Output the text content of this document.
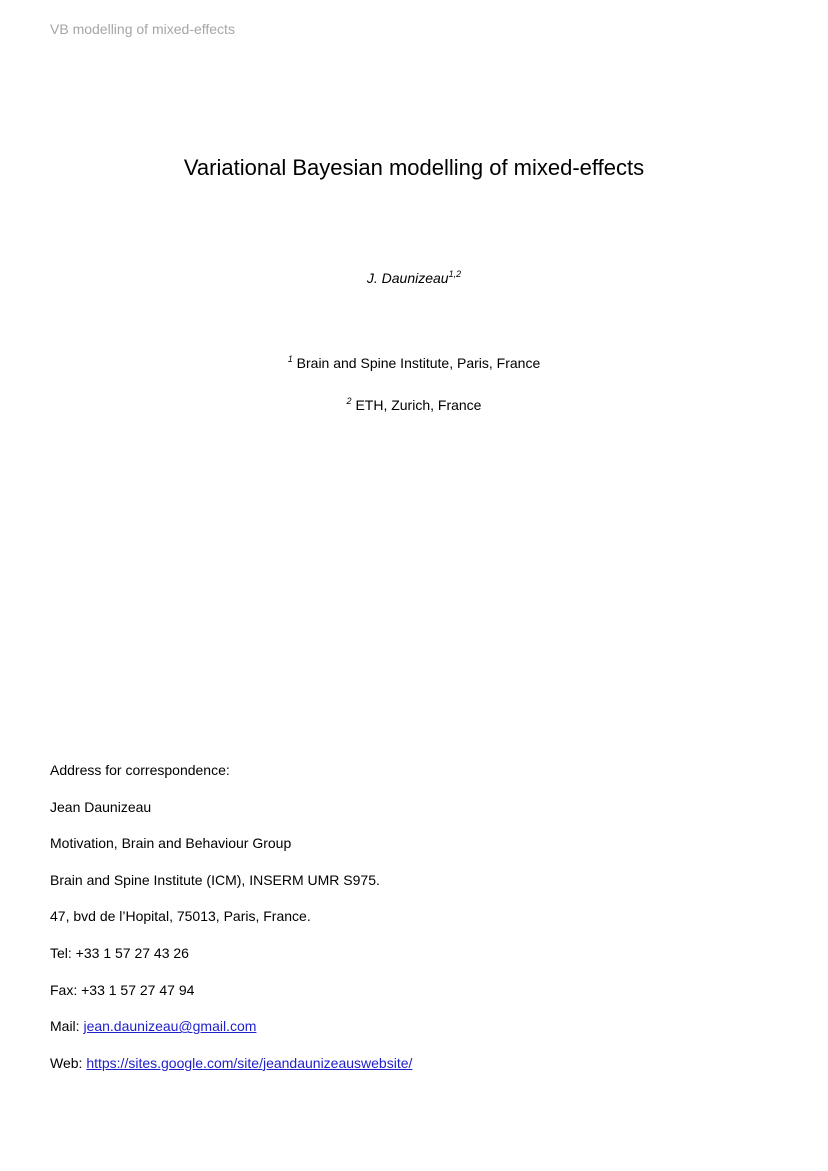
VB modelling of mixed-effects
Variational Bayesian modelling of mixed-effects
J. Daunizeau$^{1,2}$
$^1$ Brain and Spine Institute, Paris, France
$^2$ ETH, Zurich, France
Address for correspondence:
Jean Daunizeau
Motivation, Brain and Behaviour Group
Brain and Spine Institute (ICM), INSERM UMR S975.
47, bvd de l’Hopital, 75013, Paris, France.
Tel: +33 1 57 27 43 26
Fax: +33 1 57 27 47 94
Mail: jean.daunizeau@gmail.com
Web: https://sites.google.com/site/jeandaunizeauswebsite/
